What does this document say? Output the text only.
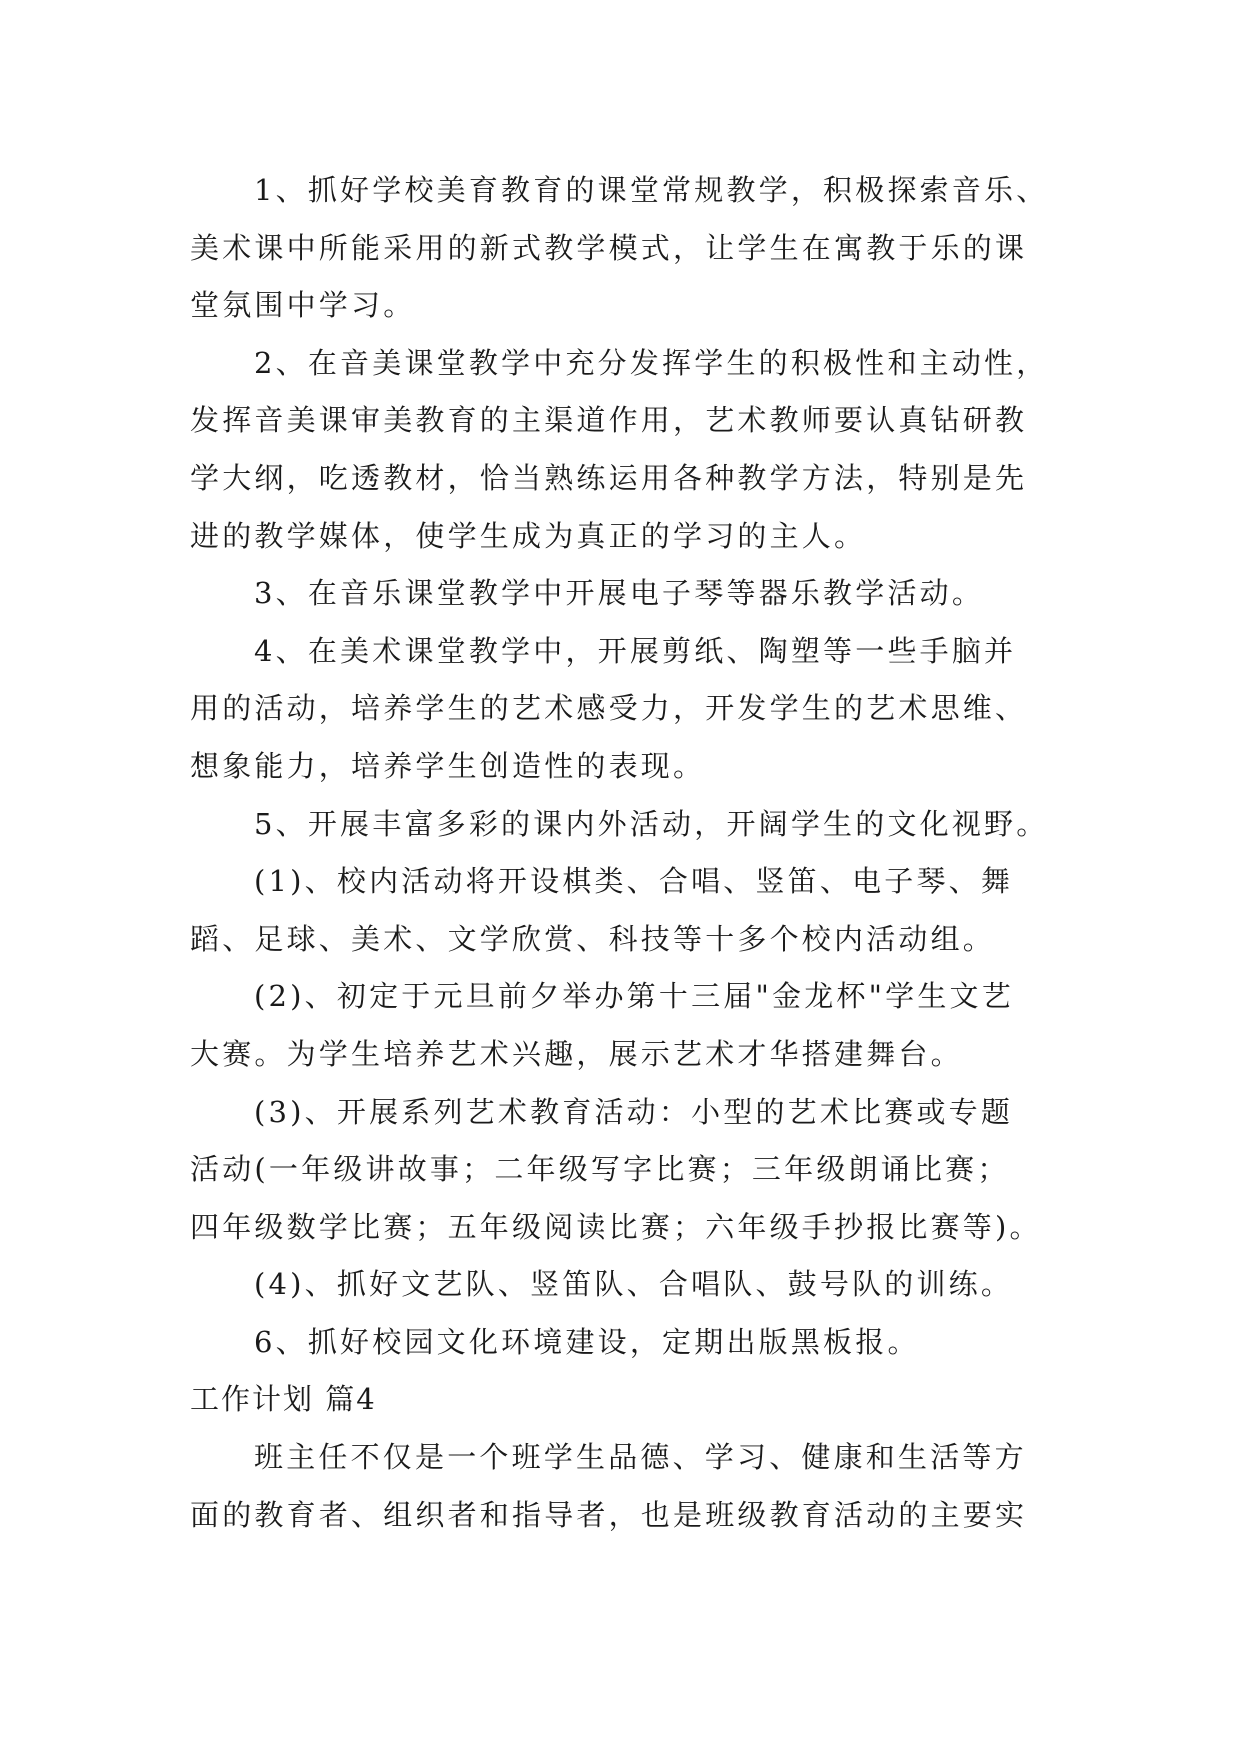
1、抓好学校美育教育的课堂常规教学，积极探索音乐、
美术课中所能采用的新式教学模式，让学生在寓教于乐的课
堂氛围中学习。
2、在音美课堂教学中充分发挥学生的积极性和主动性，
发挥音美课审美教育的主渠道作用，艺术教师要认真钻研教
学大纲，吃透教材，恰当熟练运用各种教学方法，特别是先
进的教学媒体，使学生成为真正的学习的主人。
3、在音乐课堂教学中开展电子琴等器乐教学活动。
4、在美术课堂教学中，开展剪纸、陶塑等一些手脑并
用的活动，培养学生的艺术感受力，开发学生的艺术思维、
想象能力，培养学生创造性的表现。
5、开展丰富多彩的课内外活动，开阔学生的文化视野。
(1)、校内活动将开设棋类、合唱、竖笛、电子琴、舞
蹈、足球、美术、文学欣赏、科技等十多个校内活动组。
(2)、初定于元旦前夕举办第十三届"金龙杯"学生文艺
大赛。为学生培养艺术兴趣，展示艺术才华搭建舞台。
(3)、开展系列艺术教育活动：小型的艺术比赛或专题
活动(一年级讲故事；二年级写字比赛；三年级朗诵比赛；
四年级数学比赛；五年级阅读比赛；六年级手抄报比赛等)。
(4)、抓好文艺队、竖笛队、合唱队、鼓号队的训练。
6、抓好校园文化环境建设，定期出版黑板报。
工作计划 篇4
班主任不仅是一个班学生品德、学习、健康和生活等方
面的教育者、组织者和指导者，也是班级教育活动的主要实
